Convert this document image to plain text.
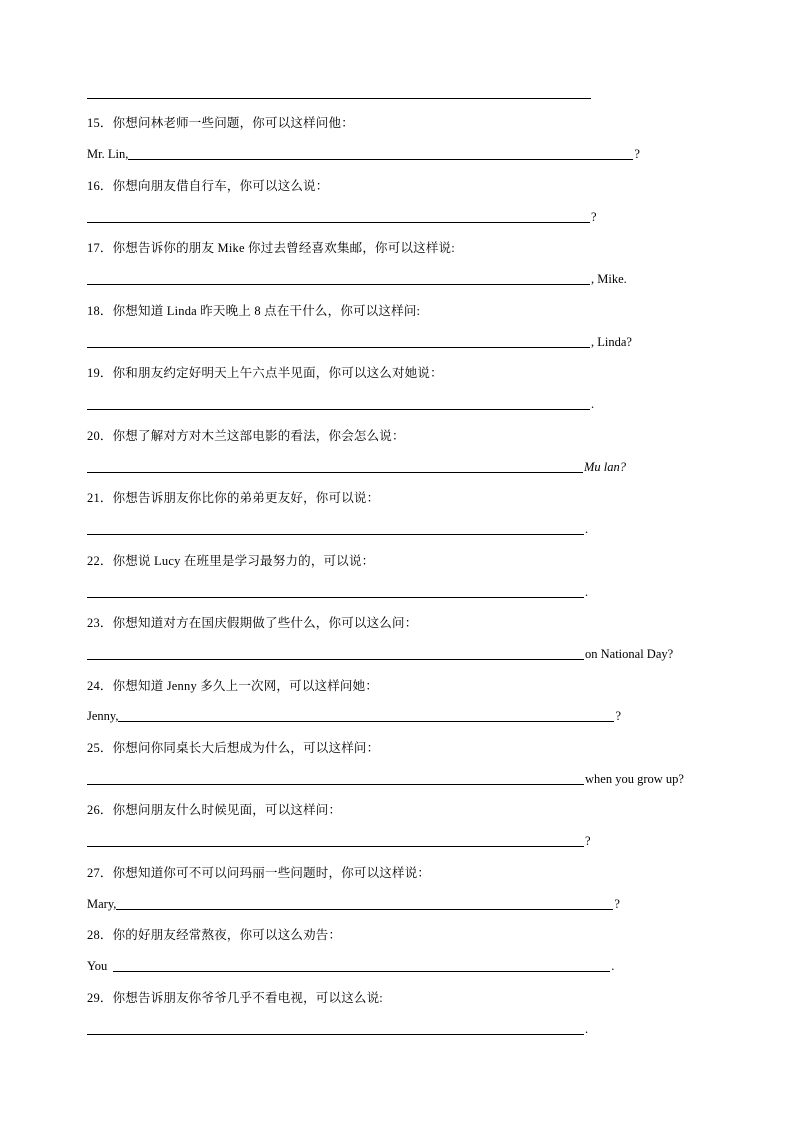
15．你想问林老师一些问题，你可以这样问他：
Mr. Lin,	?
16．你想向朋友借自行车，你可以这么说：
?
17．你想告诉你的朋友 Mike 你过去曾经喜欢集邮，你可以这样说:
, Mike.
18．你想知道 Linda 昨天晚上 8 点在干什么，你可以这样问:
, Linda?
19．你和朋友约定好明天上午六点半见面，你可以这么对她说：
.
20．你想了解对方对木兰这部电影的看法，你会怎么说：
Mu lan?
21．你想告诉朋友你比你的弟弟更友好，你可以说：
.
22．你想说 Lucy 在班里是学习最努力的，可以说：
.
23．你想知道对方在国庆假期做了些什么，你可以这么问：
on National Day?
24．你想知道 Jenny 多久上一次网，可以这样问她：
Jenny,	?
25．你想问你同桌长大后想成为什么，可以这样问：
when you grow up?
26．你想问朋友什么时候见面，可以这样问：
?
27．你想知道你可不可以问玛丽一些问题时，你可以这样说：
Mary,	?
28．你的好朋友经常熬夜，你可以这么劝告：
You	.
29．你想告诉朋友你爷爷几乎不看电视，可以这么说:
.
